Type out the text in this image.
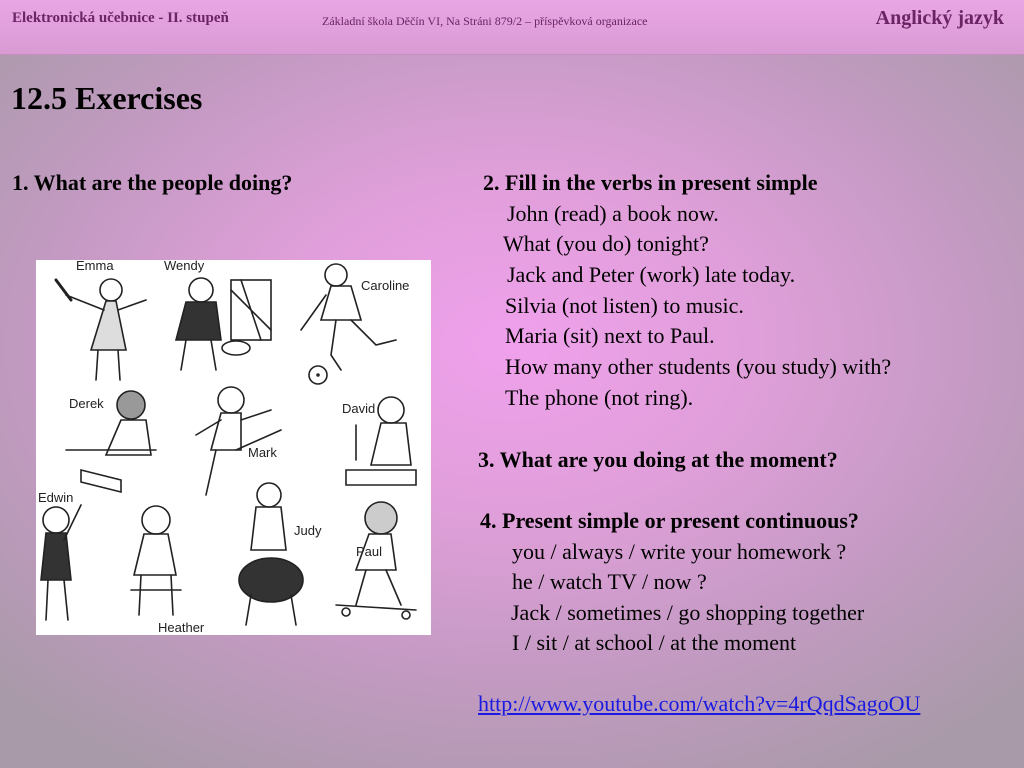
Elektronická učebnice - II. stupeň	Základní škola Děčín VI, Na Stráni 879/2 – příspěvková organizace	Anglický jazyk
12.5 Exercises
1. What are the people doing?
Emma	Wendy
Caroline
Derek
Mark
David
Edwin
Judy
Paul
Heather
2. Fill in the verbs in present simple
John (read) a book now.
What (you do) tonight?
Jack and Peter (work) late today.
Silvia (not listen) to music.
Maria (sit) next to Paul.
How many other students (you study) with?
The phone (not ring).
3. What are you doing at the moment?
4. Present simple or present continuous?
you / always / write your homework ?
he / watch TV / now ?
Jack / sometimes / go shopping together
I / sit / at school / at the moment
http://www.youtube.com/watch?v=4rQqdSagoOU
